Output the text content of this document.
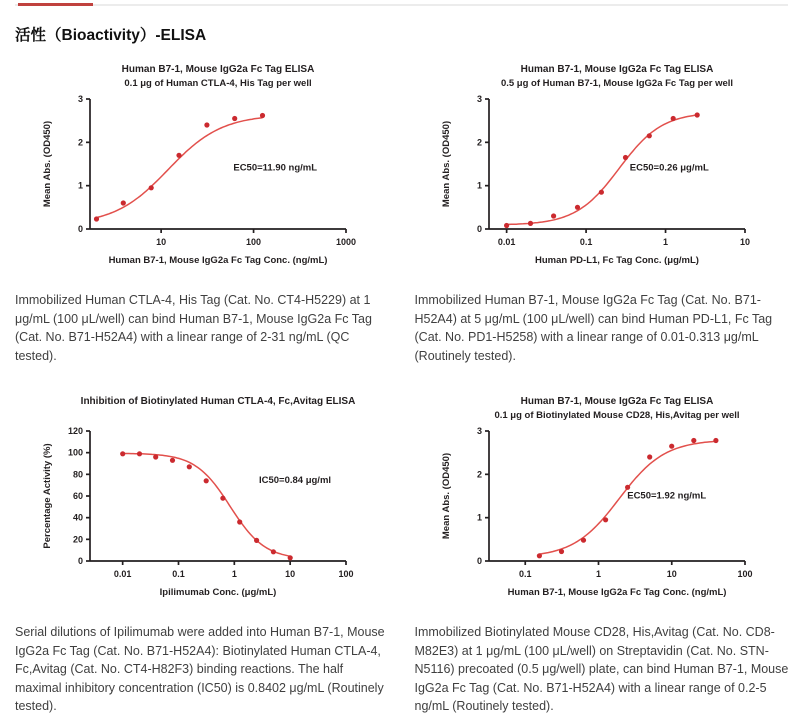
活性（Bioactivity）-ELISA
Human B7-1, Mouse IgG2a Fc Tag ELISA
0.1 μg of Human CTLA-4, His Tag per well
0
1
2
3
10	100	1000
Human B7-1, Mouse IgG2a Fc Tag Conc. (ng/mL)
Mean Abs. (OD450)	EC50=11.90 ng/mL
Human B7-1, Mouse IgG2a Fc Tag ELISA
0.5 μg of Human B7-1, Mouse IgG2a Fc Tag per well
0
1
2
3
0.01	0.1	1	10
Human PD-L1, Fc Tag Conc. (μg/mL)
Mean Abs. (OD450)	EC50=0.26 μg/mL

Immobilized Human CTLA-4, His Tag (Cat. No. CT4-H5229) at 1 μg/mL (100 μL/well) can bind Human B7-1, Mouse IgG2a Fc Tag (Cat. No. B71-H52A4) with a linear range of 2-31 ng/mL (QC tested).

Immobilized Human B7-1, Mouse IgG2a Fc Tag (Cat. No. B71-H52A4) at 5 μg/mL (100 μL/well) can bind Human PD-L1, Fc Tag (Cat. No. PD1-H5258) with a linear range of 0.01-0.313 μg/mL (Routinely tested).

Inhibition of Biotinylated Human CTLA-4, Fc,Avitag ELISA
0
20
40
60
80
100
120
0.01	0.1	1	10	100
Ipilimumab Conc. (μg/mL)
Percentage Activity (%)	IC50=0.84 μg/ml
Human B7-1, Mouse IgG2a Fc Tag ELISA
0.1 μg of Biotinylated Mouse CD28, His,Avitag per well
0
1
2
3
0.1	1	10	100
Human B7-1, Mouse IgG2a Fc Tag Conc. (ng/mL)
Mean Abs. (OD450)	EC50=1.92 ng/mL

Serial dilutions of Ipilimumab were added into Human B7-1, Mouse IgG2a Fc Tag (Cat. No. B71-H52A4): Biotinylated Human CTLA-4, Fc,Avitag (Cat. No. CT4-H82F3) binding reactions. The half maximal inhibitory concentration (IC50) is 0.8402 μg/mL (Routinely tested).

Immobilized Biotinylated Mouse CD28, His,Avitag (Cat. No. CD8-M82E3) at 1 μg/mL (100 μL/well) on Streptavidin (Cat. No. STN-N5116) precoated (0.5 μg/well) plate, can bind Human B7-1, Mouse IgG2a Fc Tag (Cat. No. B71-H52A4) with a linear range of 0.2-5 ng/mL (Routinely tested).
